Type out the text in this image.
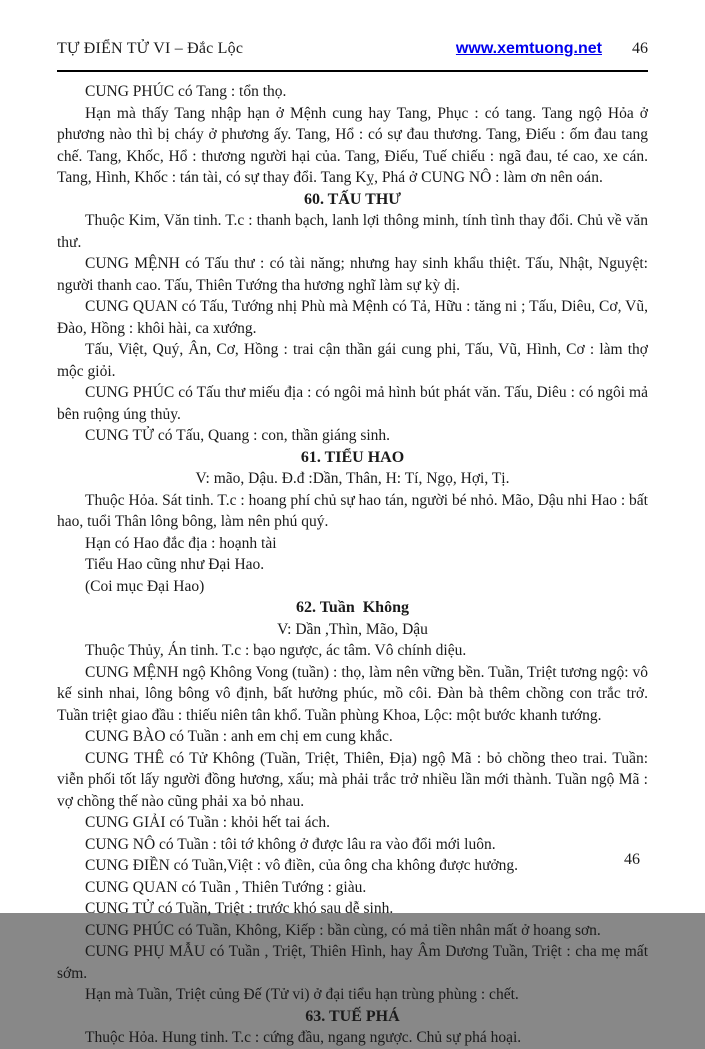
TỰ ĐIỂN TỬ VI – Đắc Lộc	www.xemtuong.net 46

CUNG PHÚC có Tang : tổn thọ.

Hạn mà thấy Tang nhập hạn ở Mệnh cung hay Tang, Phục : có tang. Tang ngộ Hỏa ở phương nào thì bị cháy ở phương ấy. Tang, Hổ : có sự đau thương. Tang, Điếu : ốm đau tang chế. Tang, Khốc, Hổ : thương người hại của. Tang, Điếu, Tuế chiếu : ngã đau, té cao, xe cán. Tang, Hình, Khốc : tán tài, có sự thay đổi. Tang Kỵ, Phá ở CUNG NÔ : làm ơn nên oán.

60. TẤU THƯ

Thuộc Kim, Văn tinh. T.c : thanh bạch, lanh lợi thông minh, tính tình thay đổi. Chủ về văn thư.

CUNG MỆNH có Tấu thư : có tài năng; nhưng hay sinh khẩu thiệt. Tấu, Nhật, Nguyệt: người thanh cao. Tấu, Thiên Tướng tha hương nghĩ làm sự kỳ dị.

CUNG QUAN có Tấu, Tướng nhị Phù mà Mệnh có Tả, Hữu : tăng ni ; Tấu, Diêu, Cơ, Vũ, Đào, Hồng : khôi hài, ca xướng.

Tấu, Việt, Quý, Ân, Cơ, Hồng : trai cận thần gái cung phi, Tấu, Vũ, Hình, Cơ : làm thợ mộc giỏi.

CUNG PHÚC có Tấu thư miếu địa : có ngôi mả hình bút phát văn. Tấu, Diêu : có ngôi mả bên ruộng úng thủy.

CUNG TỬ có Tấu, Quang : con, thần giáng sinh.

61. TIỂU HAO
V: mão, Dậu. Đ.đ :Dần, Thân, H: Tí, Ngọ, Hợi, Tị.

Thuộc Hỏa. Sát tinh. T.c : hoang phí chủ sự hao tán, người bé nhỏ. Mão, Dậu nhi Hao : bất hao, tuổi Thân lông bông, làm nên phú quý.

Hạn có Hao đắc địa : hoạnh tài

Tiểu Hao cũng như Đại Hao.

(Coi mục Đại Hao)

62. Tuần  Không
V: Dần ,Thìn, Mão, Dậu

Thuộc Thủy, Án tinh. T.c : bạo ngược, ác tâm. Vô chính diệu.

CUNG MỆNH ngộ Không Vong (tuần) : thọ, làm nên vững bền. Tuần, Triệt tương ngộ: vô kế sinh nhai, lông bông vô định, bất hưởng phúc, mồ côi. Đàn bà thêm chồng con trắc trở. Tuần triệt giao đầu : thiếu niên tân khổ. Tuần phùng Khoa, Lộc: một bước khanh tướng.

CUNG BÀO có Tuần : anh em chị em cung khắc.

CUNG THÊ có Tử Không (Tuần, Triệt, Thiên, Địa) ngộ Mã : bỏ chồng theo trai. Tuần: viễn phối tốt lấy người đồng hương, xấu; mà phải trắc trở nhiều lần mới thành. Tuần ngộ Mã : vợ chồng thế nào cũng phải xa bỏ nhau.

CUNG GIẢI có Tuần : khỏi hết tai ách.

CUNG NÔ có Tuần : tôi tớ không ở được lâu ra vào đổi mới luôn.

CUNG ĐIỀN có Tuần,Việt : vô điền, của ông cha không được hưởng.

CUNG QUAN có Tuần , Thiên Tướng : giàu.

CUNG TỬ có Tuần, Triệt : trước khó sau dễ sinh.

CUNG PHÚC có Tuần, Không, Kiếp : bần cùng, có mả tiền nhân mất ở hoang sơn.

CUNG PHỤ MẪU có Tuần , Triệt, Thiên Hình, hay Âm Dương Tuần, Triệt : cha mẹ mất sớm.

Hạn mà Tuần, Triệt củng Đế (Tử vi) ở đại tiểu hạn trùng phùng : chết.

63. TUẾ PHÁ

Thuộc Hỏa. Hung tinh. T.c : cứng đầu, ngang ngược. Chủ sự phá hoại.

46
